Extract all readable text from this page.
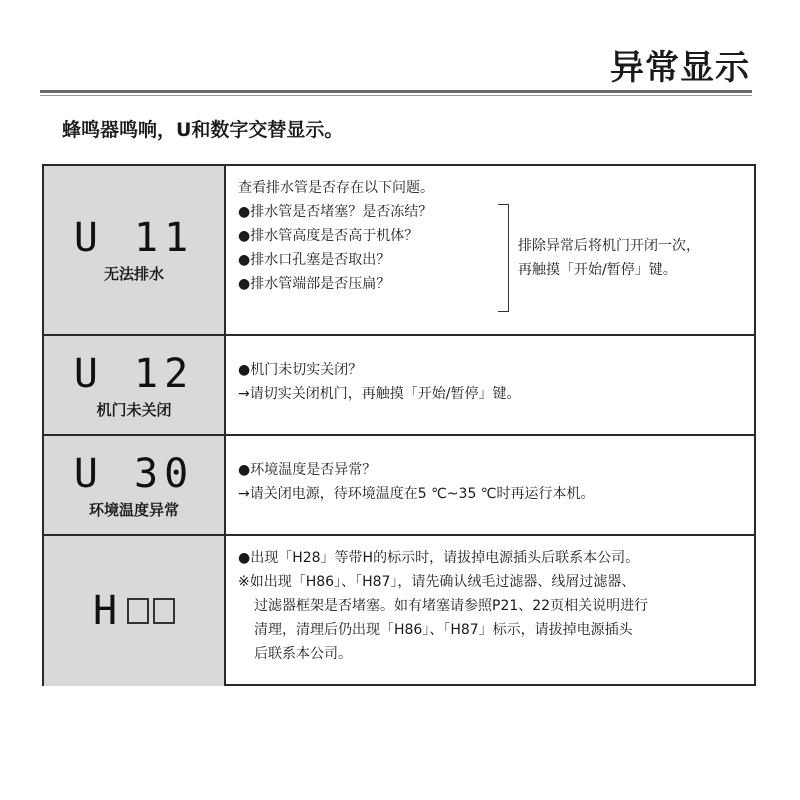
异常显示
蜂鸣器鸣响，U和数字交替显示。
U 11
无法排水
查看排水管是否存在以下问题。
●排水管是否堵塞？是否冻结？
●排水管高度是否高于机体？
●排水口孔塞是否取出？
●排水管端部是否压扁？
排除异常后将机门开闭一次，
再触摸「开始/暂停」键。
U 12
机门未关闭
●机门未切实关闭？
→请切实关闭机门，再触摸「开始/暂停」键。
U 30
环境温度异常
●环境温度是否异常？
→请关闭电源，待环境温度在5 ℃~35 ℃时再运行本机。
H
●出现「H28」等带H的标示时，请拔掉电源插头后联系本公司。
※如出现「H86」、「H87」，请先确认绒毛过滤器、线屑过滤器、
过滤器框架是否堵塞。如有堵塞请参照P21、22页相关说明进行
清理，清理后仍出现「H86」、「H87」标示，请拔掉电源插头
后联系本公司。
